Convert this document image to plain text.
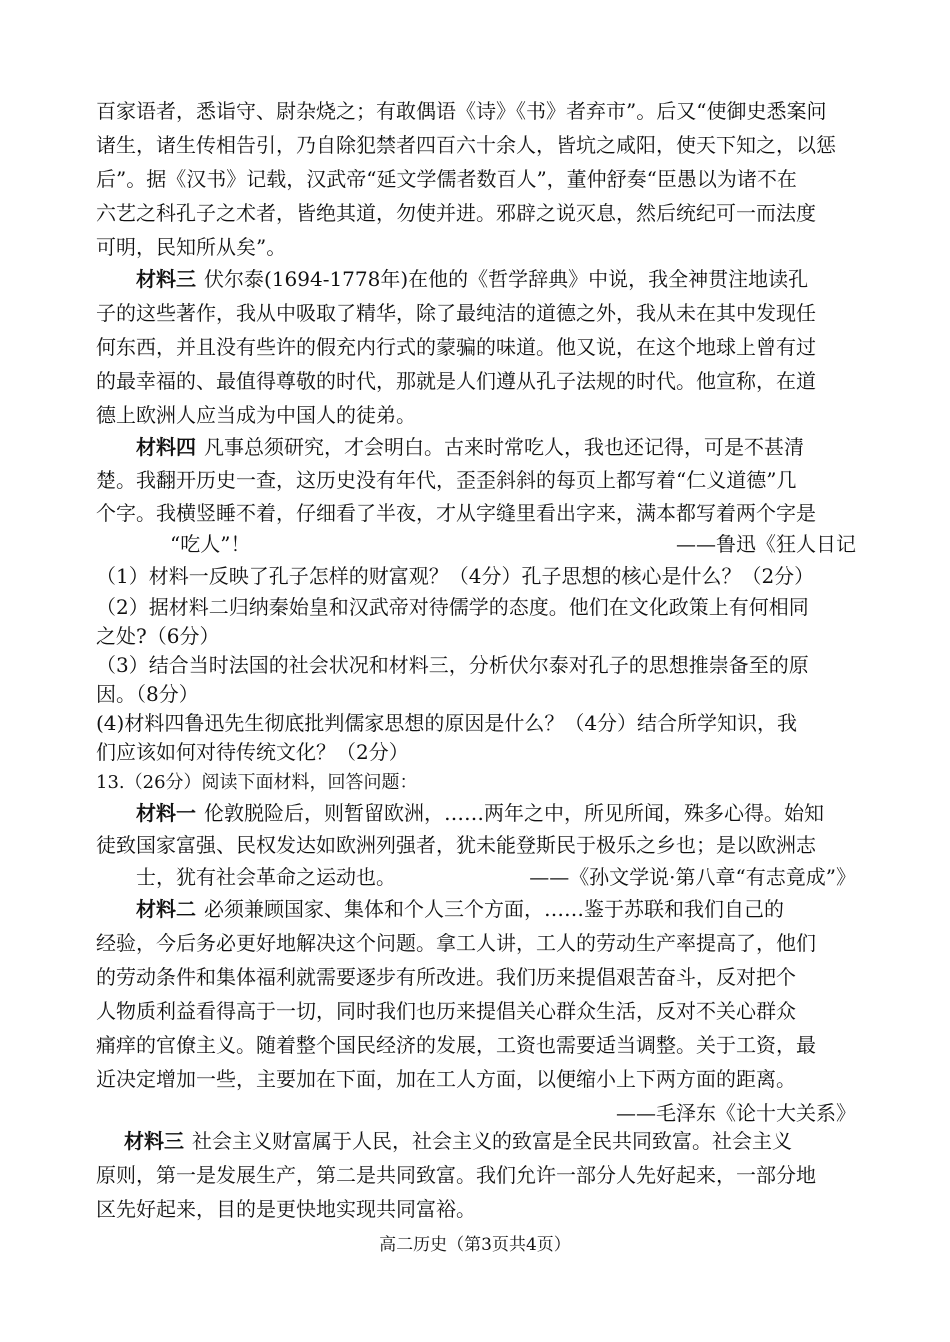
百家语者，悉诣守、尉杂烧之；有敢偶语《诗》《书》者弃市”。后又“使御史悉案问
诸生，诸生传相告引，乃自除犯禁者四百六十余人，皆坑之咸阳，使天下知之，以惩
后”。据《汉书》记载，汉武帝“延文学儒者数百人”，董仲舒奏“臣愚以为诸不在
六艺之科孔子之术者，皆绝其道，勿使并进。邪辟之说灭息，然后统纪可一而法度
可明，民知所从矣”。
材料三 伏尔泰(1694-1778年)在他的《哲学辞典》中说，我全神贯注地读孔
子的这些著作，我从中吸取了精华，除了最纯洁的道德之外，我从未在其中发现任
何东西，并且没有些许的假充内行式的蒙骗的味道。他又说，在这个地球上曾有过
的最幸福的、最值得尊敬的时代，那就是人们遵从孔子法规的时代。他宣称，在道
德上欧洲人应当成为中国人的徒弟。
材料四 凡事总须研究，才会明白。古来时常吃人，我也还记得，可是不甚清
楚。我翻开历史一查，这历史没有年代，歪歪斜斜的每页上都写着“仁义道德”几
个字。我横竖睡不着，仔细看了半夜，才从字缝里看出字来，满本都写着两个字是
“吃人”！	——鲁迅《狂人日记
（1）材料一反映了孔子怎样的财富观？（4分）孔子思想的核心是什么？（2分）
（2）据材料二归纳秦始皇和汉武帝对待儒学的态度。他们在文化政策上有何相同
之处?（6分）
（3）结合当时法国的社会状况和材料三，分析伏尔泰对孔子的思想推崇备至的原
因。（8分）
(4)材料四鲁迅先生彻底批判儒家思想的原因是什么？（4分）结合所学知识，我
们应该如何对待传统文化？（2分）
13.（26分）阅读下面材料，回答问题：
材料一 伦敦脱险后，则暂留欧洲，……两年之中，所见所闻，殊多心得。始知
徒致国家富强、民权发达如欧洲列强者，犹未能登斯民于极乐之乡也；是以欧洲志
士，犹有社会革命之运动也。	——《孙文学说·第八章“有志竟成”》
材料二 必须兼顾国家、集体和个人三个方面，……鉴于苏联和我们自己的
经验，今后务必更好地解决这个问题。拿工人讲，工人的劳动生产率提高了，他们
的劳动条件和集体福利就需要逐步有所改进。我们历来提倡艰苦奋斗，反对把个
人物质利益看得高于一切，同时我们也历来提倡关心群众生活，反对不关心群众
痛痒的官僚主义。随着整个国民经济的发展，工资也需要适当调整。关于工资，最
近决定增加一些，主要加在下面，加在工人方面，以便缩小上下两方面的距离。
——毛泽东《论十大关系》
材料三 社会主义财富属于人民，社会主义的致富是全民共同致富。社会主义
原则，第一是发展生产，第二是共同致富。我们允许一部分人先好起来，一部分地
区先好起来，目的是更快地实现共同富裕。
高二历史（第3页共4页）
